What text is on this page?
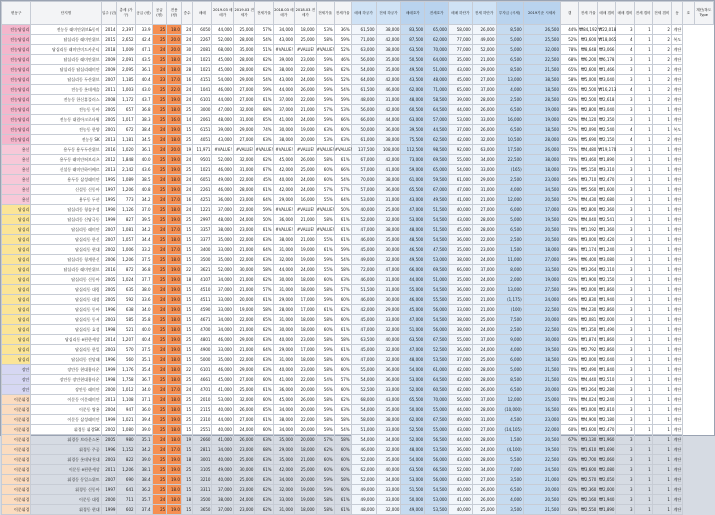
변동구	단지명	입주 (년)	총세 (가구)	공급 (평)	공급 (평)	전용 (평)	층수	매매	2019.03 매매가	2019.03 전세가	전세가율	2018.03 매매가	2018.03 전세가	전세가율	전세가율	매매 하궁가	전세 하궁가	매매호가	전세호가	매매 하단가	전세 하단가	투자금 (시세)	2019기준 시세차	갭	전세 가율	매매 갭비	매매 갭비	전세 갭비	전세 갭비	동	호	계단/복도 Type
전농답십리	전농동 래미안위브&동미	2014	2,397	33.9	25	18.0	24	6050	44,000	25,000	57%	34,000	18,000	53%	36%	61,500	38,000	83,500	65,000	58,000	26,000	8,500	26,500	44%	₩84,192	₩22,018	3	1	2	계단		
전농답십리	답십리동 래미안위브	2015	2,652	42.4	25	20.0	24	2267	52,000	28,000	54%	43,000	25,000	58%	59%	71,000	42,000	87,500	62,000	77,000	49,000	5,000	25,500	52%	₩3,600	₩18,065	4	1	2	복도		
전농답십리	답십리동 래미안미드카운티	2018	1,009	47.1	24	20.0	30	2081	68,000	35,000	51%	#VALUE!	#VALUE!	#VALUE!	52%	63,000	38,000	63,500	70,000	77,000	52,000	5,000	32,000	78%	₩8,648	₩3,066	4	1	2	계단		
전농답십리	답십리동 래미안위브	2009	2,091	43.5	25	18.0	24	1021	45,000	28,000	62%	39,000	23,000	59%	46%	56,000	35,000	50,500	64,000	35,000	21,000	6,500	22,500	68%	₩6,200	₩6,178	3	1	2	계단		
전농답십리	답십리동 답십리래미안	2009	2,095	36.1	24	18.0	28	1021	45,000	28,000	62%	38,000	22,000	58%	62%	54,000	35,000	49,500	51,000	43,000	29,000	8,500	21,500	65%	₩2,600	₩1,466	3	1	2	계단		
전농답십리	답십리동 두산위브	2007	1,185	40.4	23	17.0	16	4151	54,000	29,000	54%	43,000	24,000	56%	52%	64,000	42,000	43,500	48,000	45,000	27,000	13,000	38,500	58%	₩5,000	₩3,040	3	1	2	계단		
전농답십리	전농동 롯데캐슬	2011	1,003	43.0	25	22.0	24	1041	46,000	27,000	59%	44,000	26,000	59%	54%	61,500	46,000	62,000	71,000	65,000	37,000	4,000	18,500	65%	₩2,500	₩16,213	4	1	2	계단		
전농답십리	전농동 한신휴플러스	2008	1,172	43.7	25	19.0	24	6101	44,000	27,000	61%	37,000	22,000	59%	59%	48,000	31,000	48,000	58,500	39,000	28,000	2,500	28,500	63%	₩2,500	₩2,618	3	1	2	계단		
전농답십리	전농동 동아	2005	657	36.8	25	18.0	25	3000	47,000	32,000	68%	37,000	21,000	57%	53%	56,000	42,000	60,500	64,500	44,000	26,000	6,500	19,000	58%	₩2,800	₩3,040	3	1	1	계단		
전농답십리	전농동 대림아크로타워	2005	1,017	38.3	25	16.0	14	2061	48,000	31,000	65%	41,000	24,000	59%	66%	66,000	44,000	63,000	57,000	53,000	33,000	16,000	19,000	62%	₩4,120	₩2,350	3	1	1	계단		
전농답십리	전농동 한양	2001	672	38.4	24	19.0	15	6151	39,000	29,000	74%	30,000	19,000	63%	60%	50,000	36,000	39,500	44,500	37,000	26,000	6,500	18,500	57%	₩2,090	₩2,540	4	1	1	복도		
전농답십리	전농동 SK	2013	1,181	34.5	24	18.0	25	4051	43,000	27,000	63%	38,000	20,000	53%	63%	61,000	38,000	75,500	62,500	42,000	32,000	10,500	28,000	63%	₩5,690	₩2,150	4	1	2	계단		
용신	용두동 용두두산위브	2016	1,020	36.1	24	20.0	19	11,971	#VALUE!	#VALUE!	#VALUE!	#VALUE!	#VALUE!	#VALUE!	#VALUE!	137,500	108,000	112,500	98,500	92,000	63,000	17,500	26,000	75%	₩4,480	₩19,170	3	1	1	계단		
용신	용두동 래미안허브리츠	2012	1,848	40.0	25	19.0	24	9501	52,000	32,000	62%	45,000	26,000	58%	61%	67,000	42,000	73,000	69,500	55,000	34,000	22,500	38,000	70%	₩3,460	₩1,890	3	1	1	계단		
용신	신설동 래미안하이베르	2013	2,142	43.6	25	19.0	25	1021	46,000	31,000	67%	42,000	25,000	60%	66%	57,000	41,000	59,000	65,000	54,000	33,000	(165)	18,000	73%	₩5,150	₩3,310	3	1	1	계단		
용신	용두동 삼성래미안	1995	1,089	38.5	24	18.0	24	6051	49,000	22,000	45%	40,000	24,000	60%	54%	70,000	38,000	61,000	59,500	61,000	29,000	2,500	23,000	54%	₩3,710	₩2,470	3	1	1	계단		
용신	신설동 신동아	1997	1,206	40.8	25	19.0	24	2261	46,000	28,000	61%	42,000	24,000	57%	57%	57,000	36,000	65,500	67,000	47,000	31,000	4,000	34,500	63%	₩5,560	₩1,600	3	1	1	계단		
용신	용두동 두산	1995	773	34.2	24	17.0	16	4251	36,000	23,000	64%	29,000	16,000	55%	64%	53,000	31,000	43,000	49,500	41,000	21,000	12,000	20,500	57%	₩4,430	₩2,680	3	1	1	계단		
답십리	답십리동 청솔우성	1990	1,126	37.0	25	18.0	24	1221	37,000	22,000	59%	#VALUE!	#VALUE!	#VALUE!	50%	40,000	25,000	47,000	51,500	40,000	27,000	6,000	17,000	63%	₩2,800	₩2,360	3	1	1	계단		
답십리	답십리동 신답극동	1999	827	39.5	25	19.0	25	2997	48,000	24,000	50%	36,000	21,000	58%	61%	52,000	32,000	53,000	54,500	43,000	28,000	5,000	19,500	62%	₩4,040	₩2,541	3	1	1	계단		
답십리	답십리동 래미안	2007	1,081	34.2	24	17.0	15	3357	38,000	23,000	61%	#VALUE!	#VALUE!	#VALUE!	61%	47,000	38,000	48,000	51,500	45,000	28,000	6,500	20,500	70%	₩1,192	₩1,360	3	1	1	계단		
답십리	답십리동 한신	2007	1,057	34.4	25	18.0	15	3377	35,000	22,000	63%	38,000	21,000	55%	61%	46,000	35,000	48,500	54,500	36,000	22,000	2,500	20,500	60%	₩3,000	₩2,420	3	1	1	계단		
답십리	답십리동 현대	2002	1,006	33.2	24	17.0	15	3400	33,000	21,000	64%	31,000	19,000	61%	59%	45,000	30,000	46,500	47,500	35,000	23,000	1,500	18,000	68%	₩1,174	₩1,240	3	1	1	계단		
답십리	답십리동 청계한신	2006	1,206	37.5	25	18.0	15	3500	35,000	22,000	63%	32,000	19,000	59%	54%	49,000	32,000	49,500	53,000	38,000	24,000	11,000	27,000	59%	₩6,400	₩3,080	3	1	1	계단		
답십리	답십리동 래미안위브	2016	872	36.8	25	19.0	22	3621	52,000	30,000	58%	44,000	24,000	55%	58%	72,000	47,000	66,000	69,500	66,000	37,000	8,000	33,500	62%	₩3,264	₩2,110	3	1	1	계단		
답십리	답십리동 신동아	2005	1,024	37.7	25	19.0	18	4107	34,000	21,000	62%	30,000	18,000	60%	63%	46,000	31,000	44,000	51,000	35,000	24,000	2,000	19,000	61%	₩1,900	₩2,150	3	1	1	계단		
답십리	답십리동 대림	2005	635	38.0	24	19.0	15	4510	37,000	21,000	57%	31,000	18,000	58%	57%	51,500	31,000	55,000	54,500	36,000	22,000	13,000	27,500	59%	₩2,000	₩1,860	3	1	1	계단		
답십리	답십리동 대성	2005	592	33.6	24	19.0	15	4511	33,000	20,000	61%	29,000	17,000	59%	60%	46,000	30,000	46,000	55,500	35,000	21,000	(1,175)	24,000	64%	₩2,830	₩1,940	3	1	1	계단		
답십리	답십리동 동아	1996	638	34.0	24	19.0	15	4590	33,000	19,000	58%	28,000	17,000	61%	62%	42,000	29,000	45,000	56,000	33,000	21,000	(100)	22,500	61%	₩4,230	₩2,860	3	1	1	계단		
답십리	답십리동 동서	2003	585	35.8	25	18.0	15	4671	34,000	22,000	65%	31,000	18,000	58%	60%	45,000	33,000	47,000	54,500	38,000	25,000	7,500	20,000	60%	₩2,081	₩2,000	3	1	1	계단		
답십리	답십리동 효성	1998	521	40.0	25	18.0	15	4700	34,000	21,000	62%	30,000	18,000	60%	61%	47,000	32,000	51,000	56,000	38,000	24,000	2,500	22,500	61%	₩1,350	₩1,490	3	1	1	계단		
답십리	답십리동 e편한세상	2014	1,207	40.4	25	19.0	25	4801	46,000	29,000	63%	40,000	23,000	58%	58%	63,500	40,000	63,500	67,500	55,000	37,000	9,000	30,000	63%	₩1,874	₩1,860	3	1	1	계단		
답십리	답십리동 한일	2003	570	37.5	24	19.0	15	4900	33,000	21,000	64%	29,000	17,000	59%	61%	45,000	32,000	47,000	52,500	36,000	24,000	4,000	19,500	63%	₩2,792	₩2,860	3	1	1	계단		
답십리	답십리동 진달래	1996	560	35.1	24	18.0	15	5000	35,000	22,000	63%	31,000	18,000	58%	60%	47,000	32,000	48,000	53,500	37,000	25,000	6,000	18,500	63%	₩2,000	₩2,040	3	1	1	계단		
장안	장안동 현대홈타운	1999	1,176	35.4	24	18.0	22	6101	46,000	29,000	63%	40,000	23,000	58%	60%	55,000	36,000	54,000	61,000	42,000	28,000	5,000	21,500	70%	₩2,490	₩1,840	3	1	1	계단		
장안	장안동 장안현대홈타운	1998	1,758	36.7	25	18.0	25	4661	45,000	27,000	60%	41,000	22,000	54%	57%	54,000	36,000	53,000	64,500	42,000	28,000	8,500	21,500	61%	₩4,440	₩2,510	3	1	1	계단		
장안	장안동 래미안	2000	1,012	34.0	24	17.0	24	4701	41,000	25,000	61%	36,000	20,000	56%	60%	52,500	33,000	52,000	60,500	42,000	26,000	6,500	20,000	63%	₩3,264	₩2,280	3	1	1	계단		
이문휘경	이문동 이문래미안	2013	1,108	37.1	24	18.0	25	2010	53,000	32,000	60%	45,000	26,000	58%	62%	68,000	43,000	65,500	70,000	56,000	37,000	12,000	25,000	70%	₩4,024	₩2,240	3	1	1	계단		
이문휘경	이문동 쌍용	2004	947	36.0	25	18.0	15	2115	40,000	26,000	65%	34,000	20,000	59%	63%	54,000	35,000	50,000	55,000	44,000	28,000	(10,000)	16,500	66%	₩3,000	₩2,810	3	1	1	계단		
이문휘경	이문동 삼성래미안	1999	1,021	39.4	25	19.0	25	2310	44,000	27,000	61%	38,000	22,000	58%	58%	58,000	38,000	62,000	67,500	49,000	31,000	4,500	23,000	63%	₩4,900	₩2,180	3	1	1	계단		
이문휘경	휘경동 휘경SK	2002	1,080	39.0	25	18.0	15	2551	40,000	24,000	60%	34,000	20,000	59%	54%	51,000	33,000	52,500	55,000	43,000	27,000	(14,105)	22,000	60%	₩3,600	₩2,470	3	1	1	계단		
이문휘경	휘경동 브라운스톤	2005	980	35.1	24	18.0	19	2660	41,000	26,000	63%	35,000	20,000	57%	58%	54,000	34,000	52,000	56,500	44,000	28,000	1,500	20,500	67%	₩3,130	₩1,960	3	1	1	계단		
이문휘경	휘경동 주공	1996	1,152	34.2	24	17.0	15	2811	34,000	23,000	68%	29,000	18,000	62%	60%	46,000	32,000	48,000	53,500	36,000	24,000	(4,100)	19,500	71%	₩1,610	₩1,690	3	1	1	계단		
이문휘경	휘경동 롯데낙천대	2003	822	39.0	25	19.0	18	3001	40,000	25,000	63%	35,000	21,000	60%	60%	52,000	35,000	54,000	56,000	43,000	28,000	5,500	22,500	63%	₩2,700	₩2,060	3	1	1	계단		
이문휘경	이문동 e편한세상	2011	1,206	38.1	25	19.0	25	3105	49,000	30,000	61%	42,000	25,000	60%	60%	62,000	40,000	63,500	66,500	52,000	34,000	7,000	24,500	61%	₩3,600	₩2,080	3	1	1	계단		
이문휘경	휘경동 동일스위트	2007	690	38.4	25	19.0	15	3210	40,000	25,000	63%	34,000	20,000	59%	58%	52,000	34,000	53,000	56,000	43,000	27,000	3,500	21,000	62%	₩2,570	₩2,050	3	1	1	계단		
이문휘경	휘경동 신동아	1997	641	36.2	25	18.0	15	3311	37,000	23,000	62%	32,000	19,000	59%	60%	49,000	33,000	51,500	54,500	40,000	26,000	6,500	20,000	61%	₩2,360	₩2,000	3	1	1	계단		
이문휘경	이문동 대림	2000	711	35.7	24	18.0	18	3500	38,000	24,000	63%	33,000	19,000	58%	61%	49,000	33,000	50,000	53,000	41,000	26,000	4,000	20,500	62%	₩2,160	₩1,940	3	1	1	계단		
이문휘경	휘경동 현대	1999	602	37.4	25	19.0	15	3650	37,000	23,000	62%	31,000	18,000	58%	61%	48,000	32,000	49,000	53,500	40,000	25,000	3,500	21,500	63%	₩2,550	₩1,890	3	1	1	계단		
